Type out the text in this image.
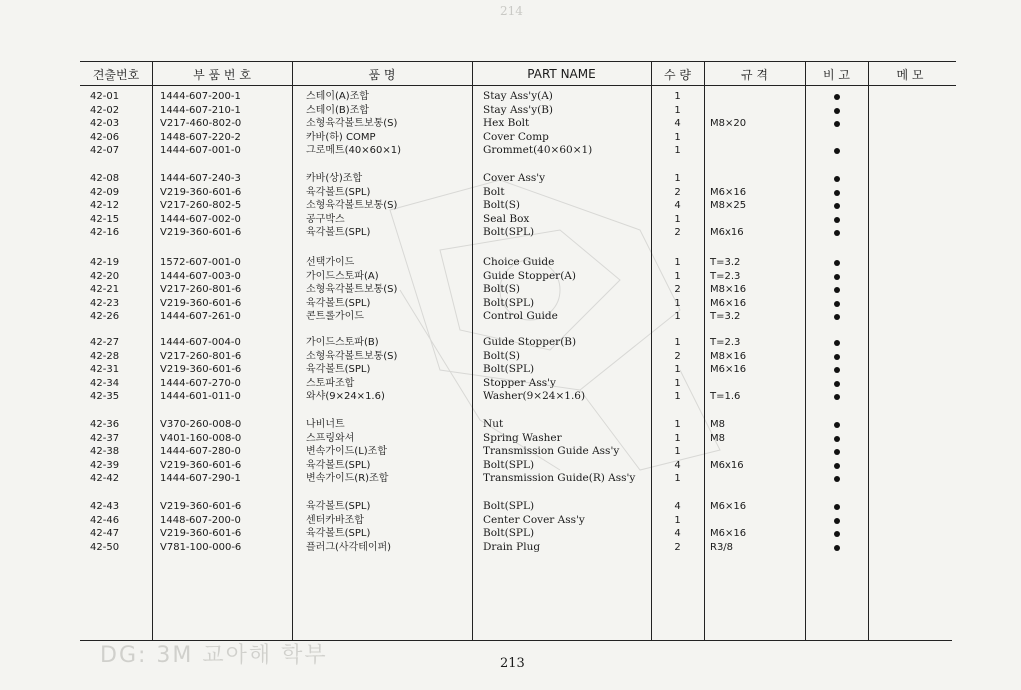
214
견출번호	부 품 번 호	품 명	PART NAME	수 량	규 격	비 고	메 모
42-01	1444-607-200-1	스테이(A)조합	Stay Ass'y(A)	1
42-02	1444-607-210-1	스테이(B)조합	Stay Ass'y(B)	1
42-03	V217-460-802-0	소형육각볼트보통(S)	Hex Bolt	4	M8×20
42-06	1448-607-220-2	카바(하) COMP	Cover Comp	1
42-07	1444-607-001-0	그로메트(40×60×1)	Grommet(40×60×1)	1
42-08	1444-607-240-3	카바(상)조합	Cover Ass'y	1
42-09	V219-360-601-6	육각볼트(SPL)	Bolt	2	M6×16
42-12	V217-260-802-5	소형육각볼트보통(S)	Bolt(S)	4	M8×25
42-15	1444-607-002-0	공구박스	Seal Box	1
42-16	V219-360-601-6	육각볼트(SPL)	Bolt(SPL)	2	M6x16
42-19	1572-607-001-0	선택가이드	Choice Guide	1	T=3.2
42-20	1444-607-003-0	가이드스토파(A)	Guide Stopper(A)	1	T=2.3
42-21	V217-260-801-6	소형육각볼트보통(S)	Bolt(S)	2	M8×16
42-23	V219-360-601-6	육각볼트(SPL)	Bolt(SPL)	1	M6×16
42-26	1444-607-261-0	콘트롤가이드	Control Guide	1	T=3.2
42-27	1444-607-004-0	가이드스토파(B)	Guide Stopper(B)	1	T=2.3
42-28	V217-260-801-6	소형육각볼트보통(S)	Bolt(S)	2	M8×16
42-31	V219-360-601-6	육각볼트(SPL)	Bolt(SPL)	1	M6×16
42-34	1444-607-270-0	스토파조합	Stopper Ass'y	1
42-35	1444-601-011-0	와샤(9×24×1.6)	Washer(9×24×1.6)	1	T=1.6
42-36	V370-260-008-0	나비너트	Nut	1	M8
42-37	V401-160-008-0	스프링와셔	Spring Washer	1	M8
42-38	1444-607-280-0	변속가이드(L)조합	Transmission Guide Ass'y	1
42-39	V219-360-601-6	육각볼트(SPL)	Bolt(SPL)	4	M6x16
42-42	1444-607-290-1	변속가이드(R)조합	Transmission Guide(R) Ass'y	1
42-43	V219-360-601-6	육각볼트(SPL)	Bolt(SPL)	4	M6×16
42-46	1448-607-200-0	센터카바조합	Center Cover Ass'y	1
42-47	V219-360-601-6	육각볼트(SPL)	Bolt(SPL)	4	M6×16
42-50	V781-100-000-6	플러그(사각테이퍼)	Drain Plug	2	R3/8
213
DG: 3M 교아해 학부
